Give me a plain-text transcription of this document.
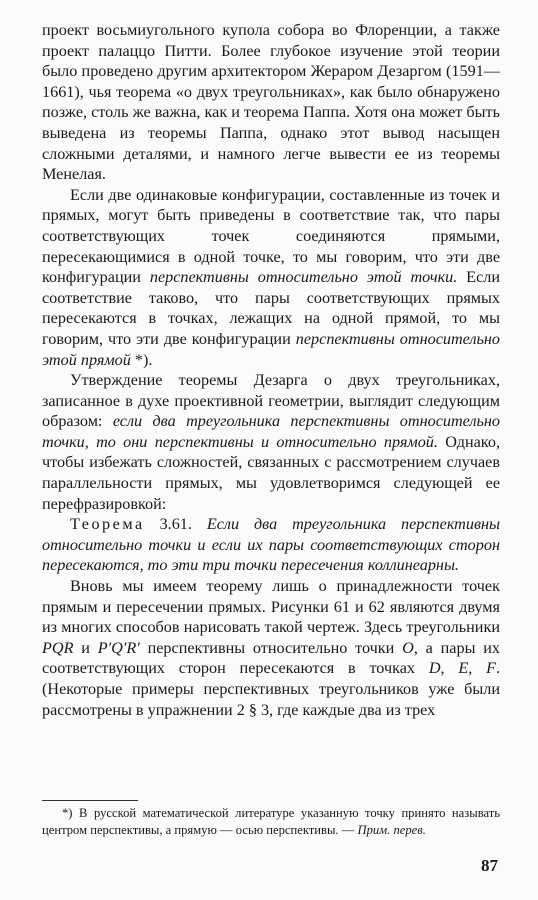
проект восьмиугольного купола собора во Флоренции, а также проект палаццо Питти. Более глубокое изучение этой теории было проведено другим архитектором Жераром Дезаргом (1591—1661), чья теорема «о двух треугольниках», как было обнаружено позже, столь же важна, как и теорема Паппа. Хотя она может быть выведена из теоремы Паппа, однако этот вывод насыщен сложными деталями, и намного легче вывести ее из теоремы Менелая.

Если две одинаковые конфигурации, составленные из точек и прямых, могут быть приведены в соответствие так, что пары соответствующих точек соединяются прямыми, пересекающимися в одной точке, то мы говорим, что эти две конфигурации перспективны относительно этой точки. Если соответствие таково, что пары соответствующих прямых пересекаются в точках, лежащих на одной прямой, то мы говорим, что эти две конфигурации перспективны относительно этой прямой *).

Утверждение теоремы Дезарга о двух треугольниках, записанное в духе проективной геометрии, выглядит следующим образом: если два треугольника перспективны относительно точки, то они перспективны и относительно прямой. Однако, чтобы избежать сложностей, связанных с рассмотрением случаев параллельности прямых, мы удовлетворимся следующей ее перефразировкой:

Теорема 3.61. Если два треугольника перспективны относительно точки и если их пары соответствующих сторон пересекаются, то эти три точки пересечения коллинеарны.

Вновь мы имеем теорему лишь о принадлежности точек прямым и пересечении прямых. Рисунки 61 и 62 являются двумя из многих способов нарисовать такой чертеж. Здесь треугольники PQR и P′Q′R′ перспективны относительно точки O, а пары их соответствующих сторон пересекаются в точках D, E, F. (Некоторые примеры перспективных треугольников уже были рассмотрены в упражнении 2 § 3, где каждые два из трех

*) В русской математической литературе указанную точку принято называть центром перспективы, а прямую — осью перспективы. — Прим. перев.

87
